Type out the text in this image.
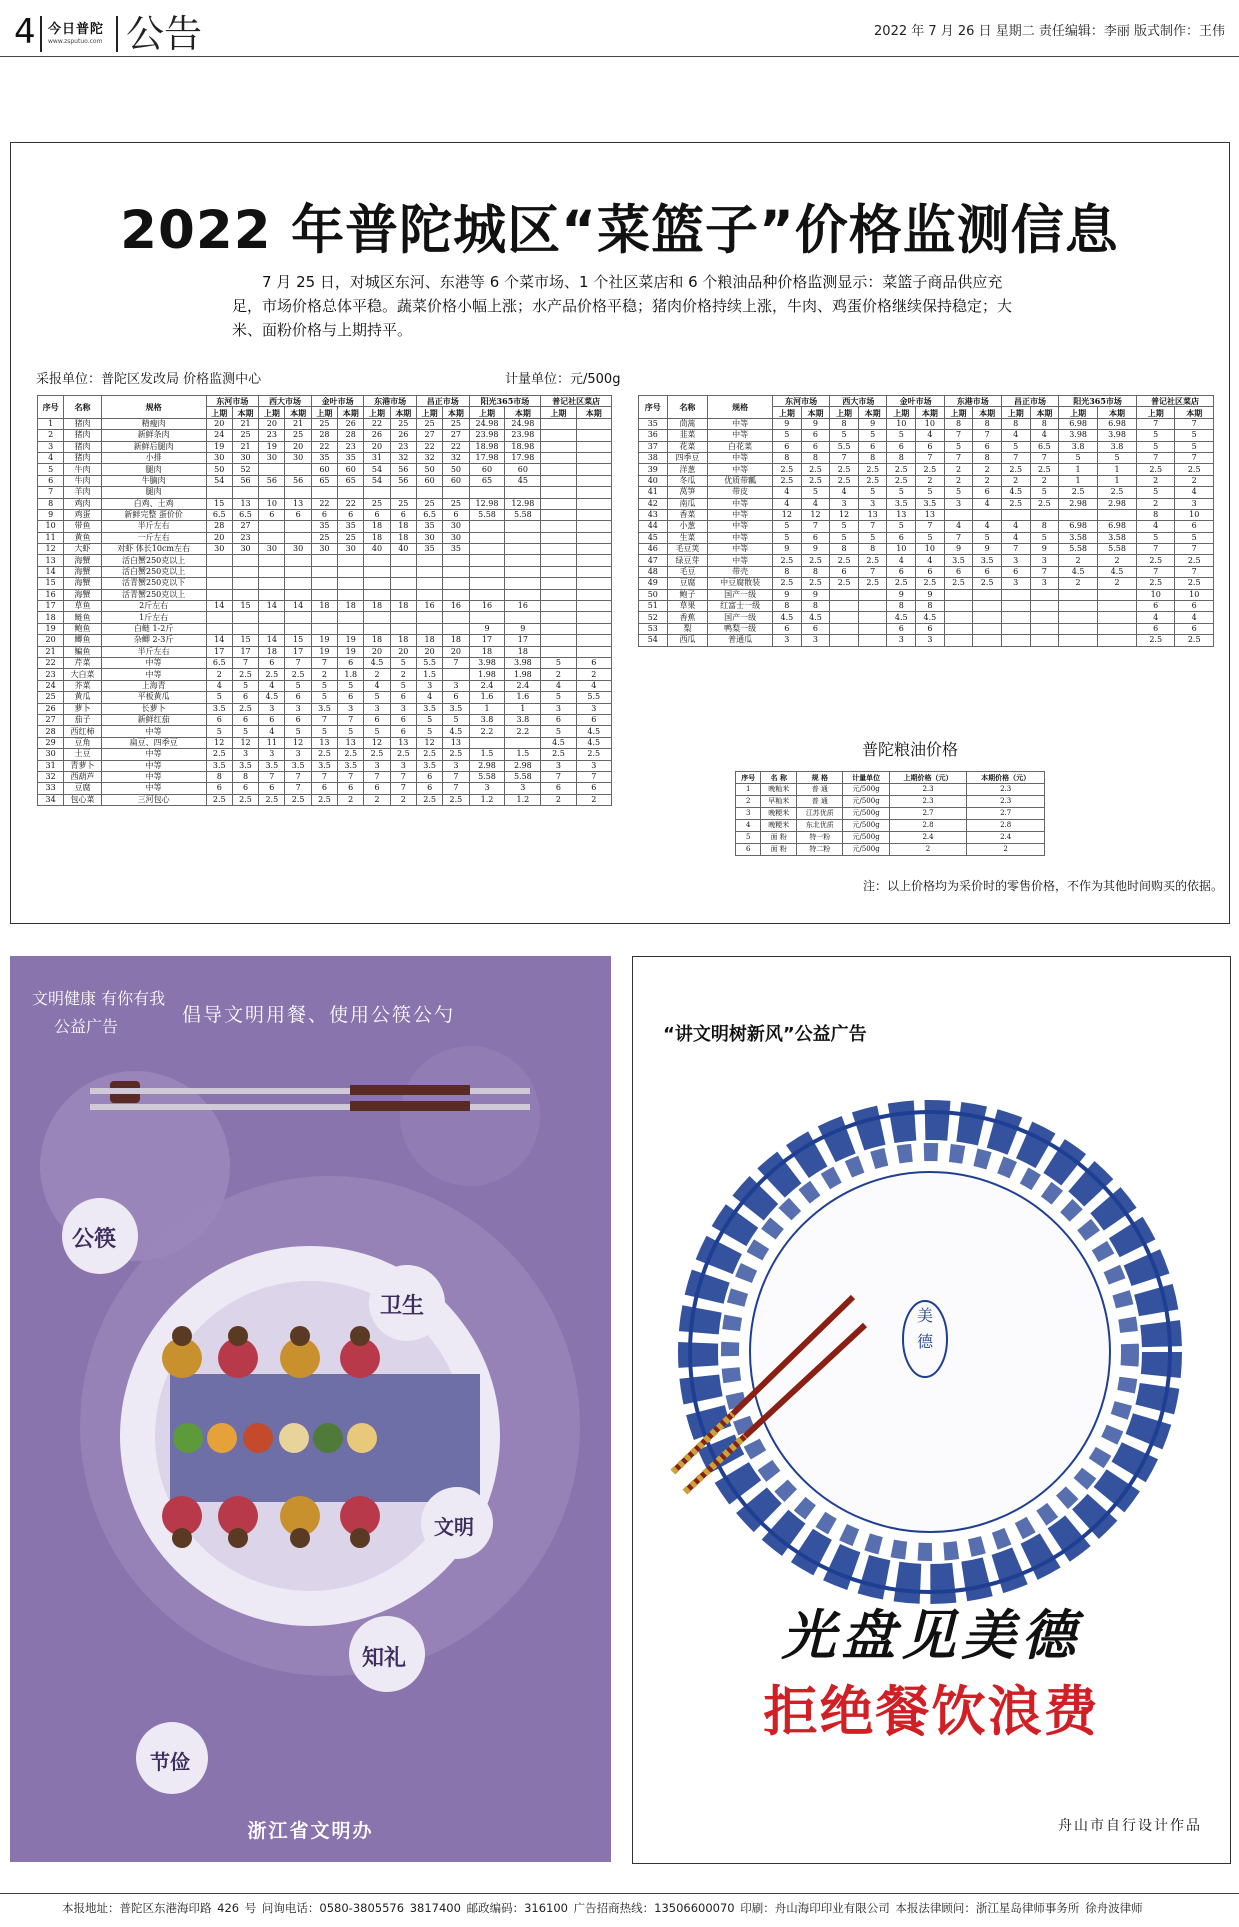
4 今日普陀
www.zsputuo.com 公告	2022 年 7 月 26 日 星期二 责任编辑：李丽 版式制作：王伟
2022 年普陀城区“菜篮子”价格监测信息
7 月 25 日，对城区东河、东港等 6 个菜市场、1 个社区菜店和 6 个粮油品种价格监测显示：菜篮子商品供应充足，市场价格总体平稳。蔬菜价格小幅上涨；水产品价格平稳；猪肉价格持续上涨，牛肉、鸡蛋价格继续保持稳定；大米、面粉价格与上期持平。
采报单位：普陀区发改局 价格监测中心	计量单位：元/500g
序号	名称	规格	东河市场		西大市场		金叶市场		东港市场		昌正市场		阳光365市场		普记社区菜店	
			上期	本期	上期	本期	上期	本期	上期	本期	上期	本期	上期	本期	上期	本期
1	猪肉	精瘦肉	20	21	20	21	25	26	22	25	25	25	24.98	24.98		
2	猪肉	新鲜条肉	24	25	23	25	28	28	26	26	27	27	23.98	23.98		
3	猪肉	新鲜后腿肉	19	21	19	20	22	23	20	23	22	22	18.98	18.98		
4	猪肉	小排	30	30	30	30	35	35	31	32	32	32	17.98	17.98		
5	牛肉	腿肉	50	52			60	60	54	56	50	50	60	60		
6	牛肉	牛腩肉	54	56	56	56	65	65	54	56	60	60	65	45		
7	羊肉	腿肉														
8	鸡肉	白鸡、土鸡	15	13	10	13	22	22	25	25	25	25	12.98	12.98		
9	鸡蛋	新鲜完整 蛋价价	6.5	6.5	6	6	6	6	6	6	6.5	6	5.58	5.58		
10	带鱼	半斤左右	28	27			35	35	18	18	35	30				
11	黄鱼	一斤左右	20	23			25	25	18	18	30	30				
12	大虾	对虾 体长10cm左右	30	30	30	30	30	30	40	40	35	35				
13	海蟹	活白蟹250克以上														
14	海蟹	活白蟹250克以上														
15	海蟹	活青蟹250克以下														
16	海蟹	活青蟹250克以上														
17	草鱼	2斤左右	14	15	14	14	18	18	18	18	16	16	16	16		
18	鲢鱼	1斤左右														
19	鲍鱼	白鲢 1-2斤											9	9		
20	鲫鱼	杂鲫 2-3斤	14	15	14	15	19	19	18	18	18	18	17	17		
21	鳊鱼	半斤左右	17	17	18	17	19	19	20	20	20	20	18	18		
22	芹菜	中等	6.5	7	6	7	7	6	4.5	5	5.5	7	3.98	3.98	5	6
23	大白菜	中等	2	2.5	2.5	2.5	2	1.8	2	2	1.5		1.98	1.98	2	2
24	芥菜	上海青	4	5	4	5	5	5	4	5	3	3	2.4	2.4	4	4
25	黄瓜	平板黄瓜	5	6	4.5	6	5	6	5	6	4	6	1.6	1.6	5	5.5
26	萝卜	长萝卜	3.5	2.5	3	3	3.5	3	3	3	3.5	3.5	1	1	3	3
27	茄子	新鲜红茄	6	6	6	6	7	7	6	6	5	5	3.8	3.8	6	6
28	西红柿	中等	5	5	4	5	5	5	5	6	5	4.5	2.2	2.2	5	4.5
29	豆角	扁豆、四季豆	12	12	11	12	13	13	12	13	12	13			4.5	4.5
30	土豆	中等	2.5	3	3	3	2.5	2.5	2.5	2.5	2.5	2.5	1.5	1.5	2.5	2.5
31	青萝卜	中等	3.5	3.5	3.5	3.5	3.5	3.5	3	3	3.5	3	2.98	2.98	3	3
32	西葫芦	中等	8	8	7	7	7	7	7	7	6	7	5.58	5.58	7	7
33	豆腐	中等	6	6	6	7	6	6	6	7	6	7	3	3	6	6
34	包心菜	三河包心	2.5	2.5	2.5	2.5	2.5	2	2	2	2.5	2.5	1.2	1.2	2	2
序号	名称	规格	东河市场		西大市场		金叶市场		东港市场		昌正市场		阳光365市场		普记社区菜店	
			上期	本期	上期	本期	上期	本期	上期	本期	上期	本期	上期	本期	上期	本期
35	茼蒿	中等	9	9	8	9	10	10	8	8	8	8	6.98	6.98	7	7
36	韭菜	中等	5	6	5	5	5	4	7	7	4	4	3.98	3.98	5	5
37	花菜	白花菜	6	6	5.5	6	6	6	5	6	5	6.5	3.8	3.8	5	5
38	四季豆	中等	8	8	7	8	8	7	7	8	7	7	5	5	7	7
39	洋葱	中等	2.5	2.5	2.5	2.5	2.5	2.5	2	2	2.5	2.5	1	1	2.5	2.5
40	冬瓜	优质带瓤	2.5	2.5	2.5	2.5	2.5	2	2	2	2	2	1	1	2	2
41	莴笋	带皮	4	5	4	5	5	5	5	6	4.5	5	2.5	2.5	5	4
42	南瓜	中等	4	4	3	3	3.5	3.5	3	4	2.5	2.5	2.98	2.98	2	3
43	香菜	中等	12	12	12	13	13	13							8	10
44	小葱	中等	5	7	5	7	5	7	4	4	4	8	6.98	6.98	4	6
45	生菜	中等	5	6	5	5	6	5	7	5	4	5	3.58	3.58	5	5
46	毛豆荚	中等	9	9	8	8	10	10	9	9	7	9	5.58	5.58	7	7
47	绿豆芽	中等	2.5	2.5	2.5	2.5	4	4	3.5	3.5	3	3	2	2	2.5	2.5
48	毛豆	带壳	8	8	6	7	6	6	6	6	6	7	4.5	4.5	7	7
49	豆腐	中豆腐散装	2.5	2.5	2.5	2.5	2.5	2.5	2.5	2.5	3	3	2	2	2.5	2.5
50	鲍子	国产一级	9	9			9	9							10	10
51	草果	红富士一级	8	8			8	8							6	6
52	香蕉	国产一级	4.5	4.5			4.5	4.5							4	4
53	梨	鸭梨一级	6	6			6	6							6	6
54	西瓜	普通瓜	3	3			3	3							2.5	2.5
普陀粮油价格
序号	名 称	规 格	计量单位	上期价格（元）	本期价格（元）
1	晚籼米	普 通	元/500g	2.3	2.3
2	早籼米	普 通	元/500g	2.3	2.3
3	晚粳米	江苏优质	元/500g	2.7	2.7
4	晚粳米	东北优质	元/500g	2.8	2.8
5	面 粉	特一粉	元/500g	2.4	2.4
6	面 粉	特二粉	元/500g	2	2
注：以上价格均为采价时的零售价格，不作为其他时间购买的依据。
文明健康 有你有我
公益广告
倡导文明用餐、使用公筷公勺
公筷
卫生
文明
知礼
节俭
浙江省文明办
“讲文明树新风”公益广告
美德
光盘见美德
拒绝餐饮浪费
舟山市自行设计作品
本报地址：普陀区东港海印路 426 号 问询电话：0580-3805576 3817400 邮政编码：316100 广告招商热线：13506600070 印刷：舟山海印印业有限公司 本报法律顾问：浙江星岛律师事务所 徐舟波律师
